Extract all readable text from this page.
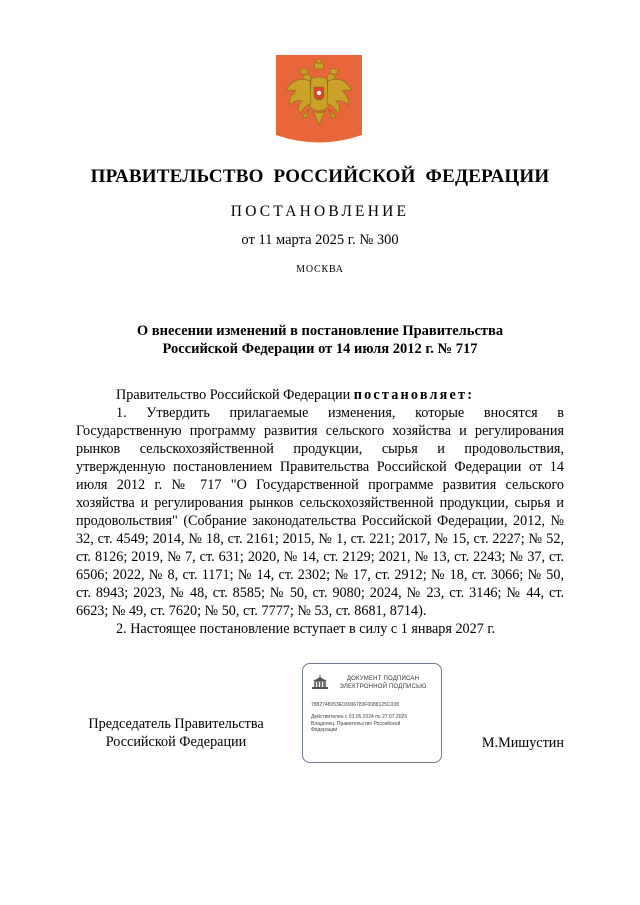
ПРАВИТЕЛЬСТВО РОССИЙСКОЙ ФЕДЕРАЦИИ
ПОСТАНОВЛЕНИЕ
от 11 марта 2025 г. № 300
МОСКВА
О внесении изменений в постановление Правительства
Российской Федерации от 14 июля 2012 г. № 717

Правительство Российской Федерации постановляет:

1. Утвердить прилагаемые изменения, которые вносятся в Государственную программу развития сельского хозяйства и регулирования рынков сельскохозяйственной продукции, сырья и продовольствия, утвержденную постановлением Правительства Российской Федерации от 14 июля 2012 г. № 717 "О Государственной программе развития сельского хозяйства и регулирования рынков сельскохозяйственной продукции, сырья и продовольствия" (Собрание законодательства Российской Федерации, 2012, № 32, ст. 4549; 2014, № 18, ст. 2161; 2015, № 1, ст. 221; 2017, № 15, ст. 2227; № 52, ст. 8126; 2019, № 7, ст. 631; 2020, № 14, ст. 2129; 2021, № 13, ст. 2243; № 37, ст. 6506; 2022, № 8, ст. 1171; № 14, ст. 2302; № 17, ст. 2912; № 18, ст. 3066; № 50, ст. 8943; 2023, № 48, ст. 8585; № 50, ст. 9080; 2024, № 23, ст. 3146; № 44, ст. 6623; № 49, ст. 7620; № 50, ст. 7777; № 53, ст. 8681, 8714).

2. Настоящее постановление вступает в силу с 1 января 2027 г.

Председатель Правительства
Российской Федерации
ДОКУМЕНТ ПОДПИСАН
ЭЛЕКТРОННОЙ ПОДПИСЬЮ
7882748053E03996783F0088125C038
Действителен с 03.05.2024 по 27.07.2025
Владелец: Правительство Российской
Федерации
М.Мишустин
